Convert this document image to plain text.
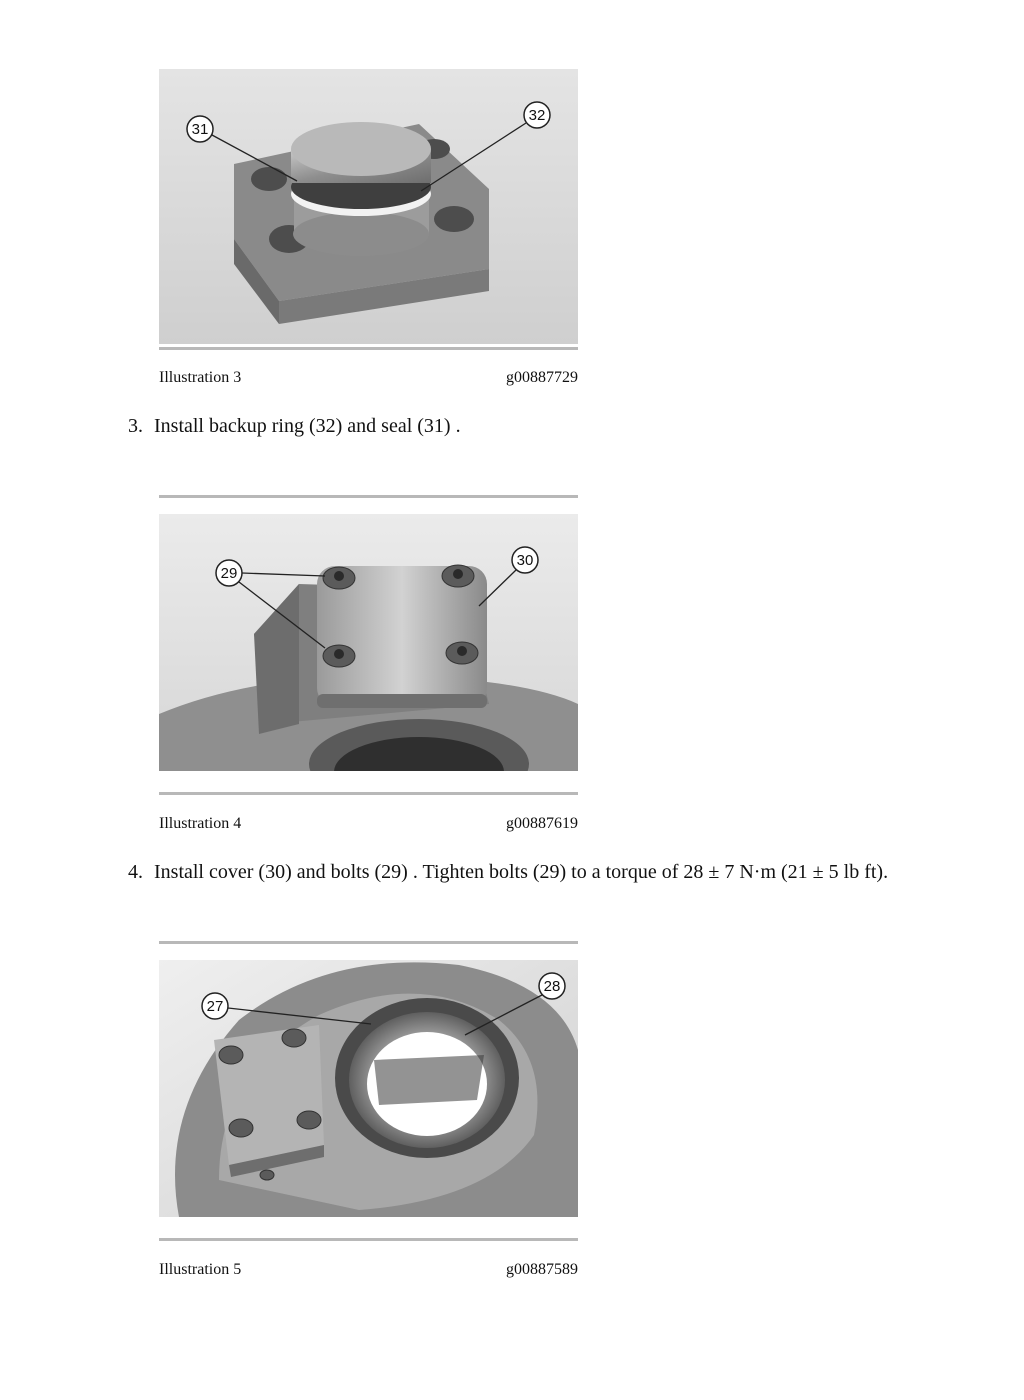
31
32
Illustration 3	g00887729
3. Install backup ring (32) and seal (31) .
29
30
Illustration 4	g00887619
4. Install cover (30) and bolts (29) . Tighten bolts (29) to a torque of 28 ± 7 N·m (21 ± 5 lb ft).
27
28
Illustration 5	g00887589
